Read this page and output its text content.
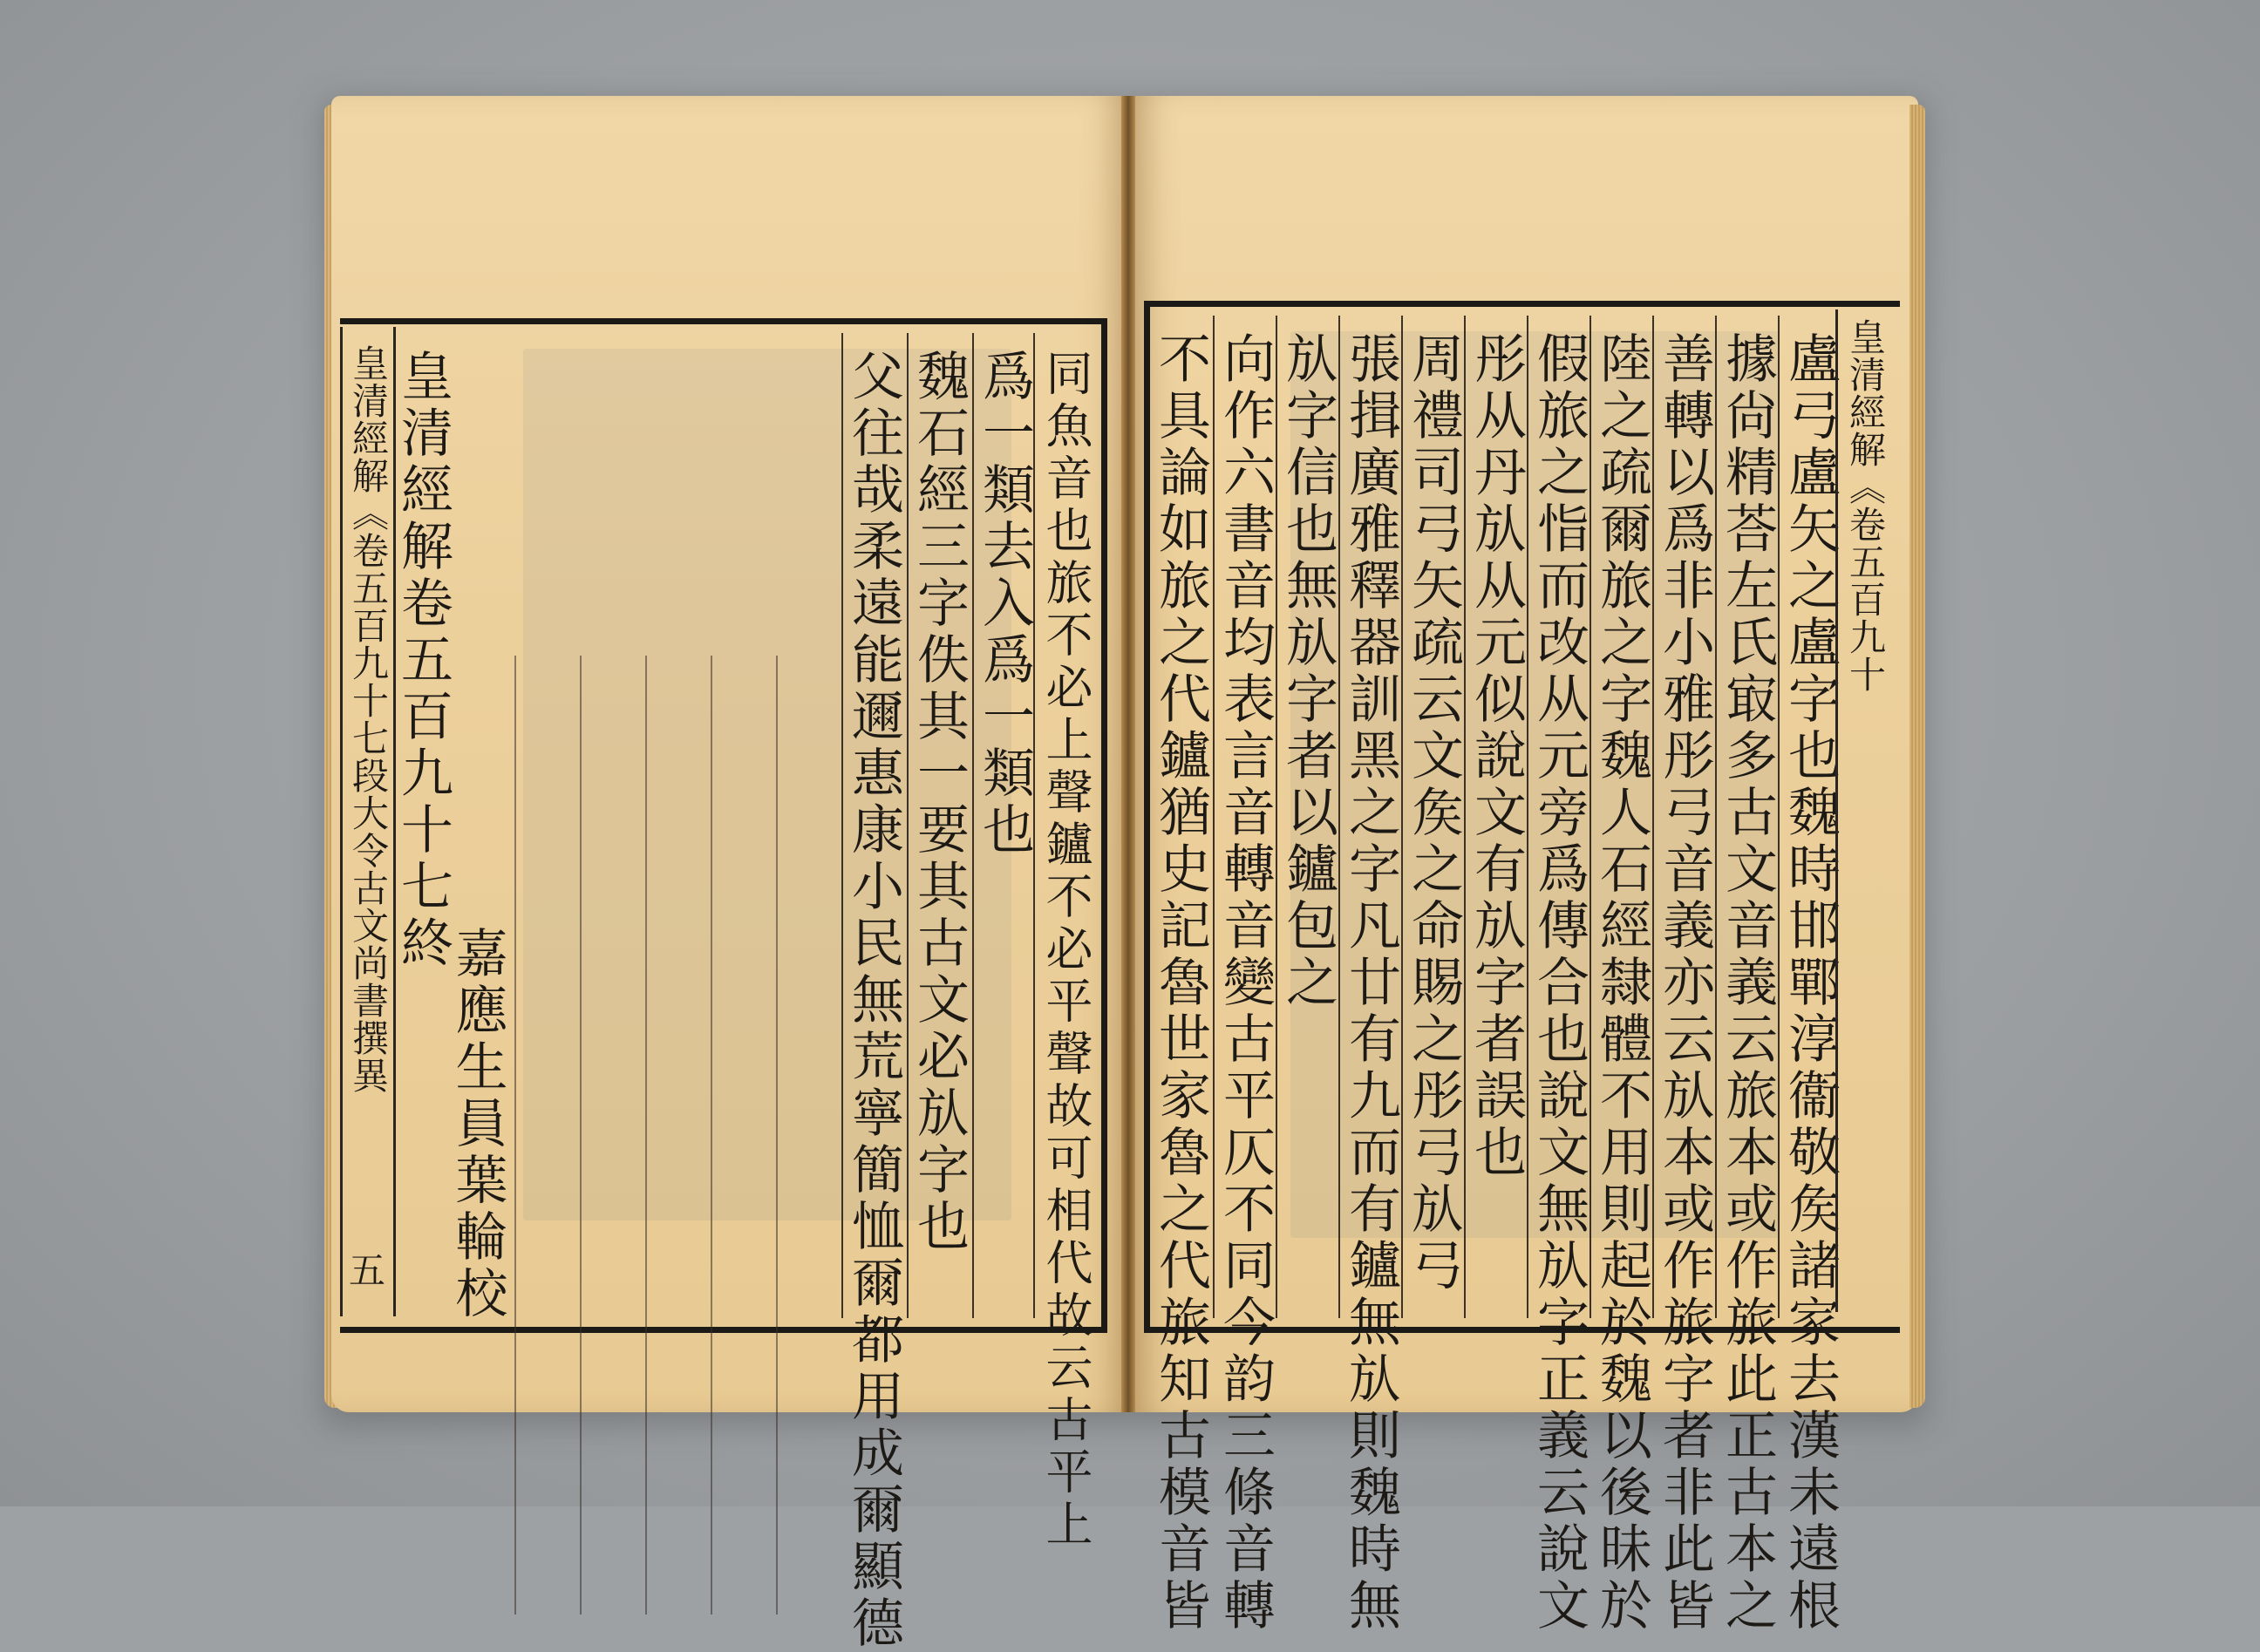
皇清經解卷五百九十七終
嘉應生員葉輪校	父往哉柔遠能邇惠康小民無荒寧簡恤爾都用成爾顯德 魏石經三字佚其一要其古文必㫃字也 爲一類去入爲一類也 同魚音也旅不必上聲鑪不必平聲故可相代故云古平上
皇清經解《卷五百九十七段大令古文尚書撰異
五	不具論如旅之代鑪猶史記魯世家魯之代旅知古模音皆 向作六書音均表言音轉音變古平仄不同今韵三條音轉 㫃字信也無㫃字者以鑪包之 張揖廣雅釋器訓黑之字凡廿有九而有鑪無㫃則魏時無 周禮司弓矢疏云文矦之命賜之彤弓㫃弓 彤从丹㫃从元似說文有㫃字者誤也 假旅之恉而改从元旁爲傳合也說文無㫃字正義云說文 陸之疏爾旅之字魏人石經隸體不用則起於魏以後昧於 善轉以爲非小雅彤弓音義亦云㫃本或作旅字者非此皆 據尙精荅左氏㝡多古文音義云旅本或作旅此正古本之 盧弓盧矢之盧字也魏時邯鄲淳衞敬矦諸家去漢未遠根 皇清經解《卷五百九十
